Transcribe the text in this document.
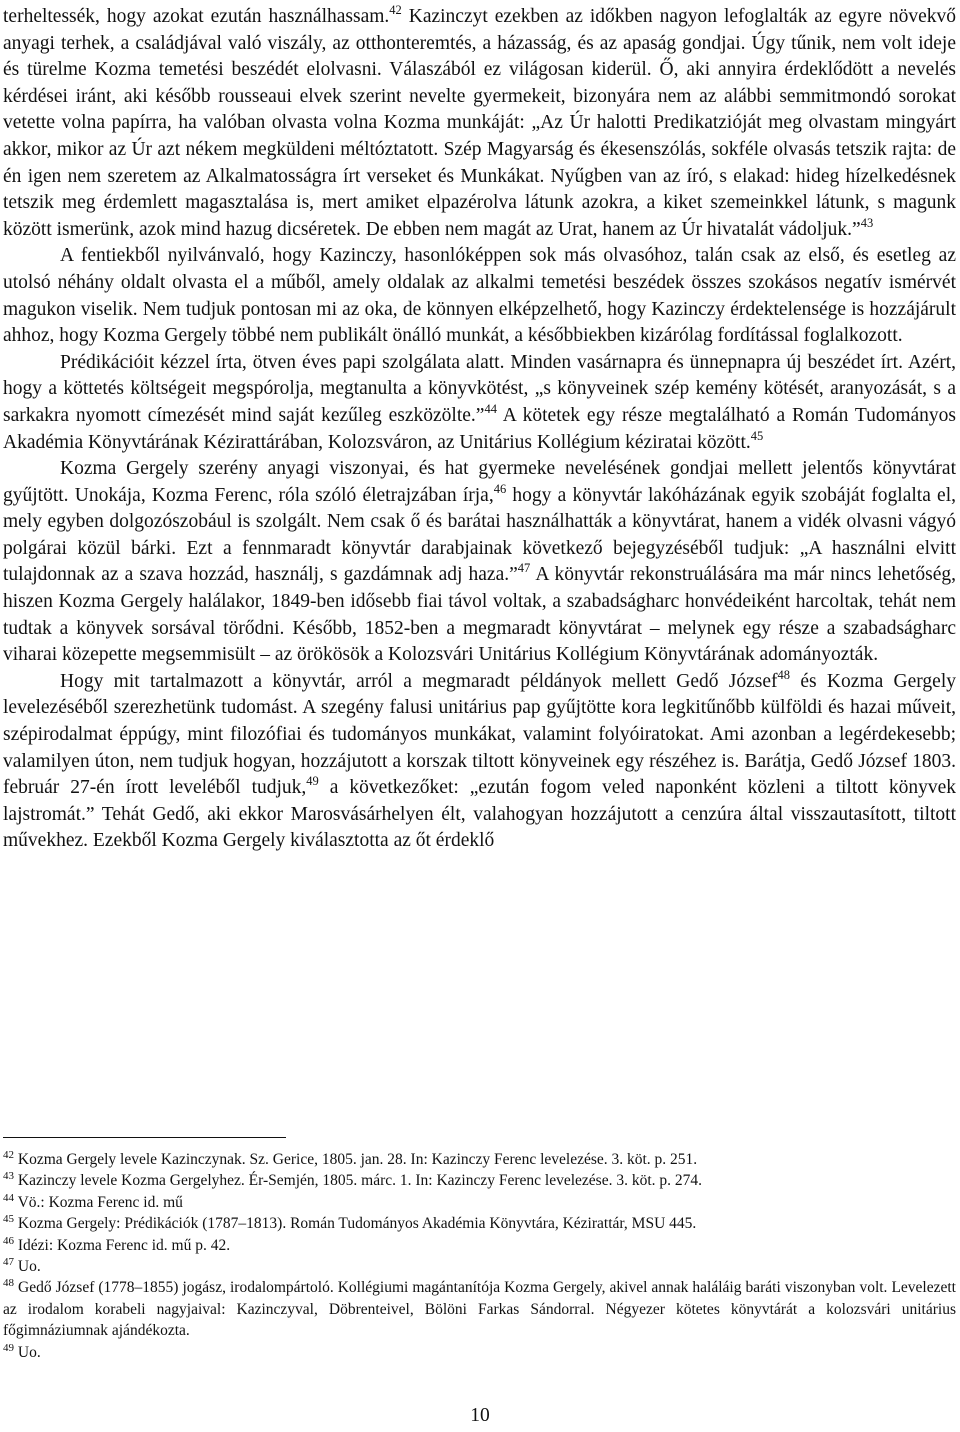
terheltessék, hogy azokat ezután használhassam.$^{42}$ Kazinczyt ezekben az időkben nagyon lefoglalták az egyre növekvő anyagi terhek, a családjával való viszály, az otthonteremtés, a házasság, és az apaság gondjai. Úgy tűnik, nem volt ideje és türelme Kozma temetési beszédét elolvasni. Válaszából ez világosan kiderül. Ő, aki annyira érdeklődött a nevelés kérdései iránt, aki később rousseaui elvek szerint nevelte gyermekeit, bizonyára nem az alábbi semmitmondó sorokat vetette volna papírra, ha valóban olvasta volna Kozma munkáját: „Az Úr halotti Predikatzióját meg olvastam mingyárt akkor, mikor az Úr azt nékem megküldeni méltóztatott. Szép Magyarság és ékesenszólás, sokféle olvasás tetszik rajta: de én igen nem szeretem az Alkalmatosságra írt verseket és Munkákat. Nyűgben van az író, s elakad: hideg hízelkedésnek tetszik meg érdemlett magasztalása is, mert amiket elpazérolva látunk azokra, a kiket szemeinkkel látunk, s magunk között ismerünk, azok mind hazug dicséretek. De ebben nem magát az Urat, hanem az Úr hivatalát vádoljuk.”$^{43}$

A fentiekből nyilvánvaló, hogy Kazinczy, hasonlóképpen sok más olvasóhoz, talán csak az első, és esetleg az utolsó néhány oldalt olvasta el a műből, amely oldalak az alkalmi temetési beszédek összes szokásos negatív ismérvét magukon viselik. Nem tudjuk pontosan mi az oka, de könnyen elképzelhető, hogy Kazinczy érdektelensége is hozzájárult ahhoz, hogy Kozma Gergely többé nem publikált önálló munkát, a későbbiekben kizárólag fordítással foglalkozott.

Prédikációit kézzel írta, ötven éves papi szolgálata alatt. Minden vasárnapra és ünnepnapra új beszédet írt. Azért, hogy a köttetés költségeit megspórolja, megtanulta a könyvkötést, „s könyveinek szép kemény kötését, aranyozását, s a sarkakra nyomott címezését mind saját kezűleg eszközölte.”$^{44}$ A kötetek egy része megtalálható a Román Tudományos Akadémia Könyvtárának Kézirattárában, Kolozsváron, az Unitárius Kollégium kéziratai között.$^{45}$

Kozma Gergely szerény anyagi viszonyai, és hat gyermeke nevelésének gondjai mellett jelentős könyvtárat gyűjtött. Unokája, Kozma Ferenc, róla szóló életrajzában írja,$^{46}$ hogy a könyvtár lakóházának egyik szobáját foglalta el, mely egyben dolgozószobául is szolgált. Nem csak ő és barátai használhatták a könyvtárat, hanem a vidék olvasni vágyó polgárai közül bárki. Ezt a fennmaradt könyvtár darabjainak következő bejegyzéséből tudjuk: „A használni elvitt tulajdonnak az a szava hozzád, használj, s gazdámnak adj haza.”$^{47}$ A könyvtár rekonstruálására ma már nincs lehetőség, hiszen Kozma Gergely halálakor, 1849-ben idősebb fiai távol voltak, a szabadságharc honvédeiként harcoltak, tehát nem tudtak a könyvek sorsával törődni. Később, 1852-ben a megmaradt könyvtárat – melynek egy része a szabadságharc viharai közepette megsemmisült – az örökösök a Kolozsvári Unitárius Kollégium Könyvtárának adományozták.

Hogy mit tartalmazott a könyvtár, arról a megmaradt példányok mellett Gedő József$^{48}$ és Kozma Gergely levelezéséből szerezhetünk tudomást. A szegény falusi unitárius pap gyűjtötte kora legkitűnőbb külföldi és hazai műveit, szépirodalmat éppúgy, mint filozófiai és tudományos munkákat, valamint folyóiratokat. Ami azonban a legérdekesebb; valamilyen úton, nem tudjuk hogyan, hozzájutott a korszak tiltott könyveinek egy részéhez is. Barátja, Gedő József 1803. február 27-én írott leveléből tudjuk,$^{49}$ a következőket: „ezután fogom veled naponként közleni a tiltott könyvek lajstromát.” Tehát Gedő, aki ekkor Marosvásárhelyen élt, valahogyan hozzájutott a cenzúra által visszautasított, tiltott művekhez. Ezekből Kozma Gergely kiválasztotta az őt érdeklő

$^{42}$ Kozma Gergely levele Kazinczynak. Sz. Gerice, 1805. jan. 28. In: Kazinczy Ferenc levelezése. 3. köt. p. 251.

$^{43}$ Kazinczy levele Kozma Gergelyhez. Ér-Semjén, 1805. márc. 1. In: Kazinczy Ferenc levelezése. 3. köt. p. 274.

$^{44}$ Vö.: Kozma Ferenc id. mű

$^{45}$ Kozma Gergely: Prédikációk (1787–1813). Román Tudományos Akadémia Könyvtára, Kézirattár, MSU 445.

$^{46}$ Idézi: Kozma Ferenc id. mű p. 42.

$^{47}$ Uo.

$^{48}$ Gedő József (1778–1855) jogász, irodalompártoló. Kollégiumi magántanítója Kozma Gergely, akivel annak haláláig baráti viszonyban volt. Levelezett az irodalom korabeli nagyjaival: Kazinczyval, Döbrenteivel, Bölöni Farkas Sándorral. Négyezer kötetes könyvtárát a kolozsvári unitárius főgimnáziumnak ajándékozta.

$^{49}$ Uo.

10
